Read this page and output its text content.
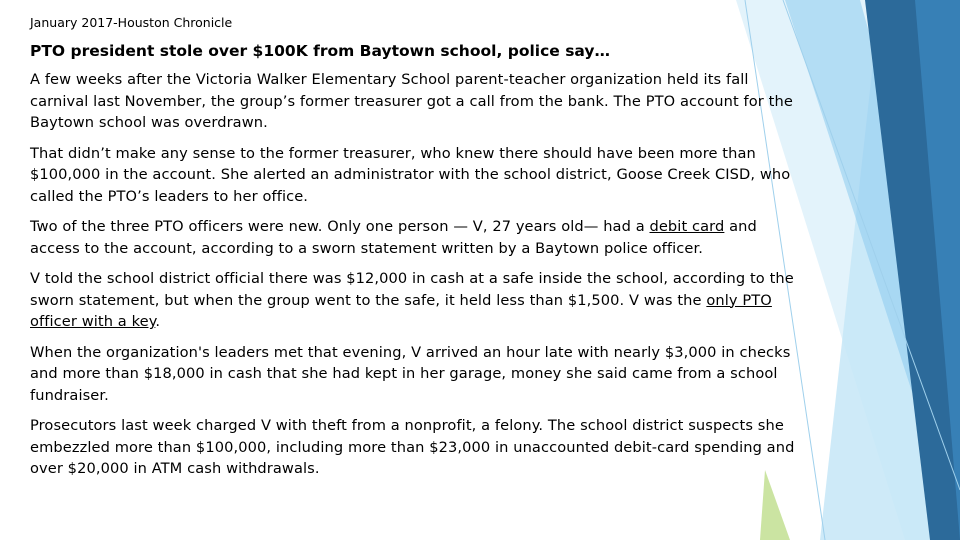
January 2017-Houston Chronicle
PTO president stole over $100K from Baytown school, police say…

A few weeks after the Victoria Walker Elementary School parent-teacher organization held its fall carnival last November, the group’s former treasurer got a call from the bank. The PTO account for the Baytown school was overdrawn.

That didn’t make any sense to the former treasurer, who knew there should have been more than $100,000 in the account. She alerted an administrator with the school district, Goose Creek CISD, who called the PTO’s leaders to her office.

Two of the three PTO officers were new. Only one person — V, 27 years old— had a debit card and access to the account, according to a sworn statement written by a Baytown police officer.

V told the school district official there was $12,000 in cash at a safe inside the school, according to the sworn statement, but when the group went to the safe, it held less than $1,500. V was the only PTO officer with a key.

When the organization's leaders met that evening, V arrived an hour late with nearly $3,000 in checks and more than $18,000 in cash that she had kept in her garage, money she said came from a school fundraiser.

Prosecutors last week charged V with theft from a nonprofit, a felony. The school district suspects she embezzled more than $100,000, including more than $23,000 in unaccounted debit-card spending and over $20,000 in ATM cash withdrawals.
